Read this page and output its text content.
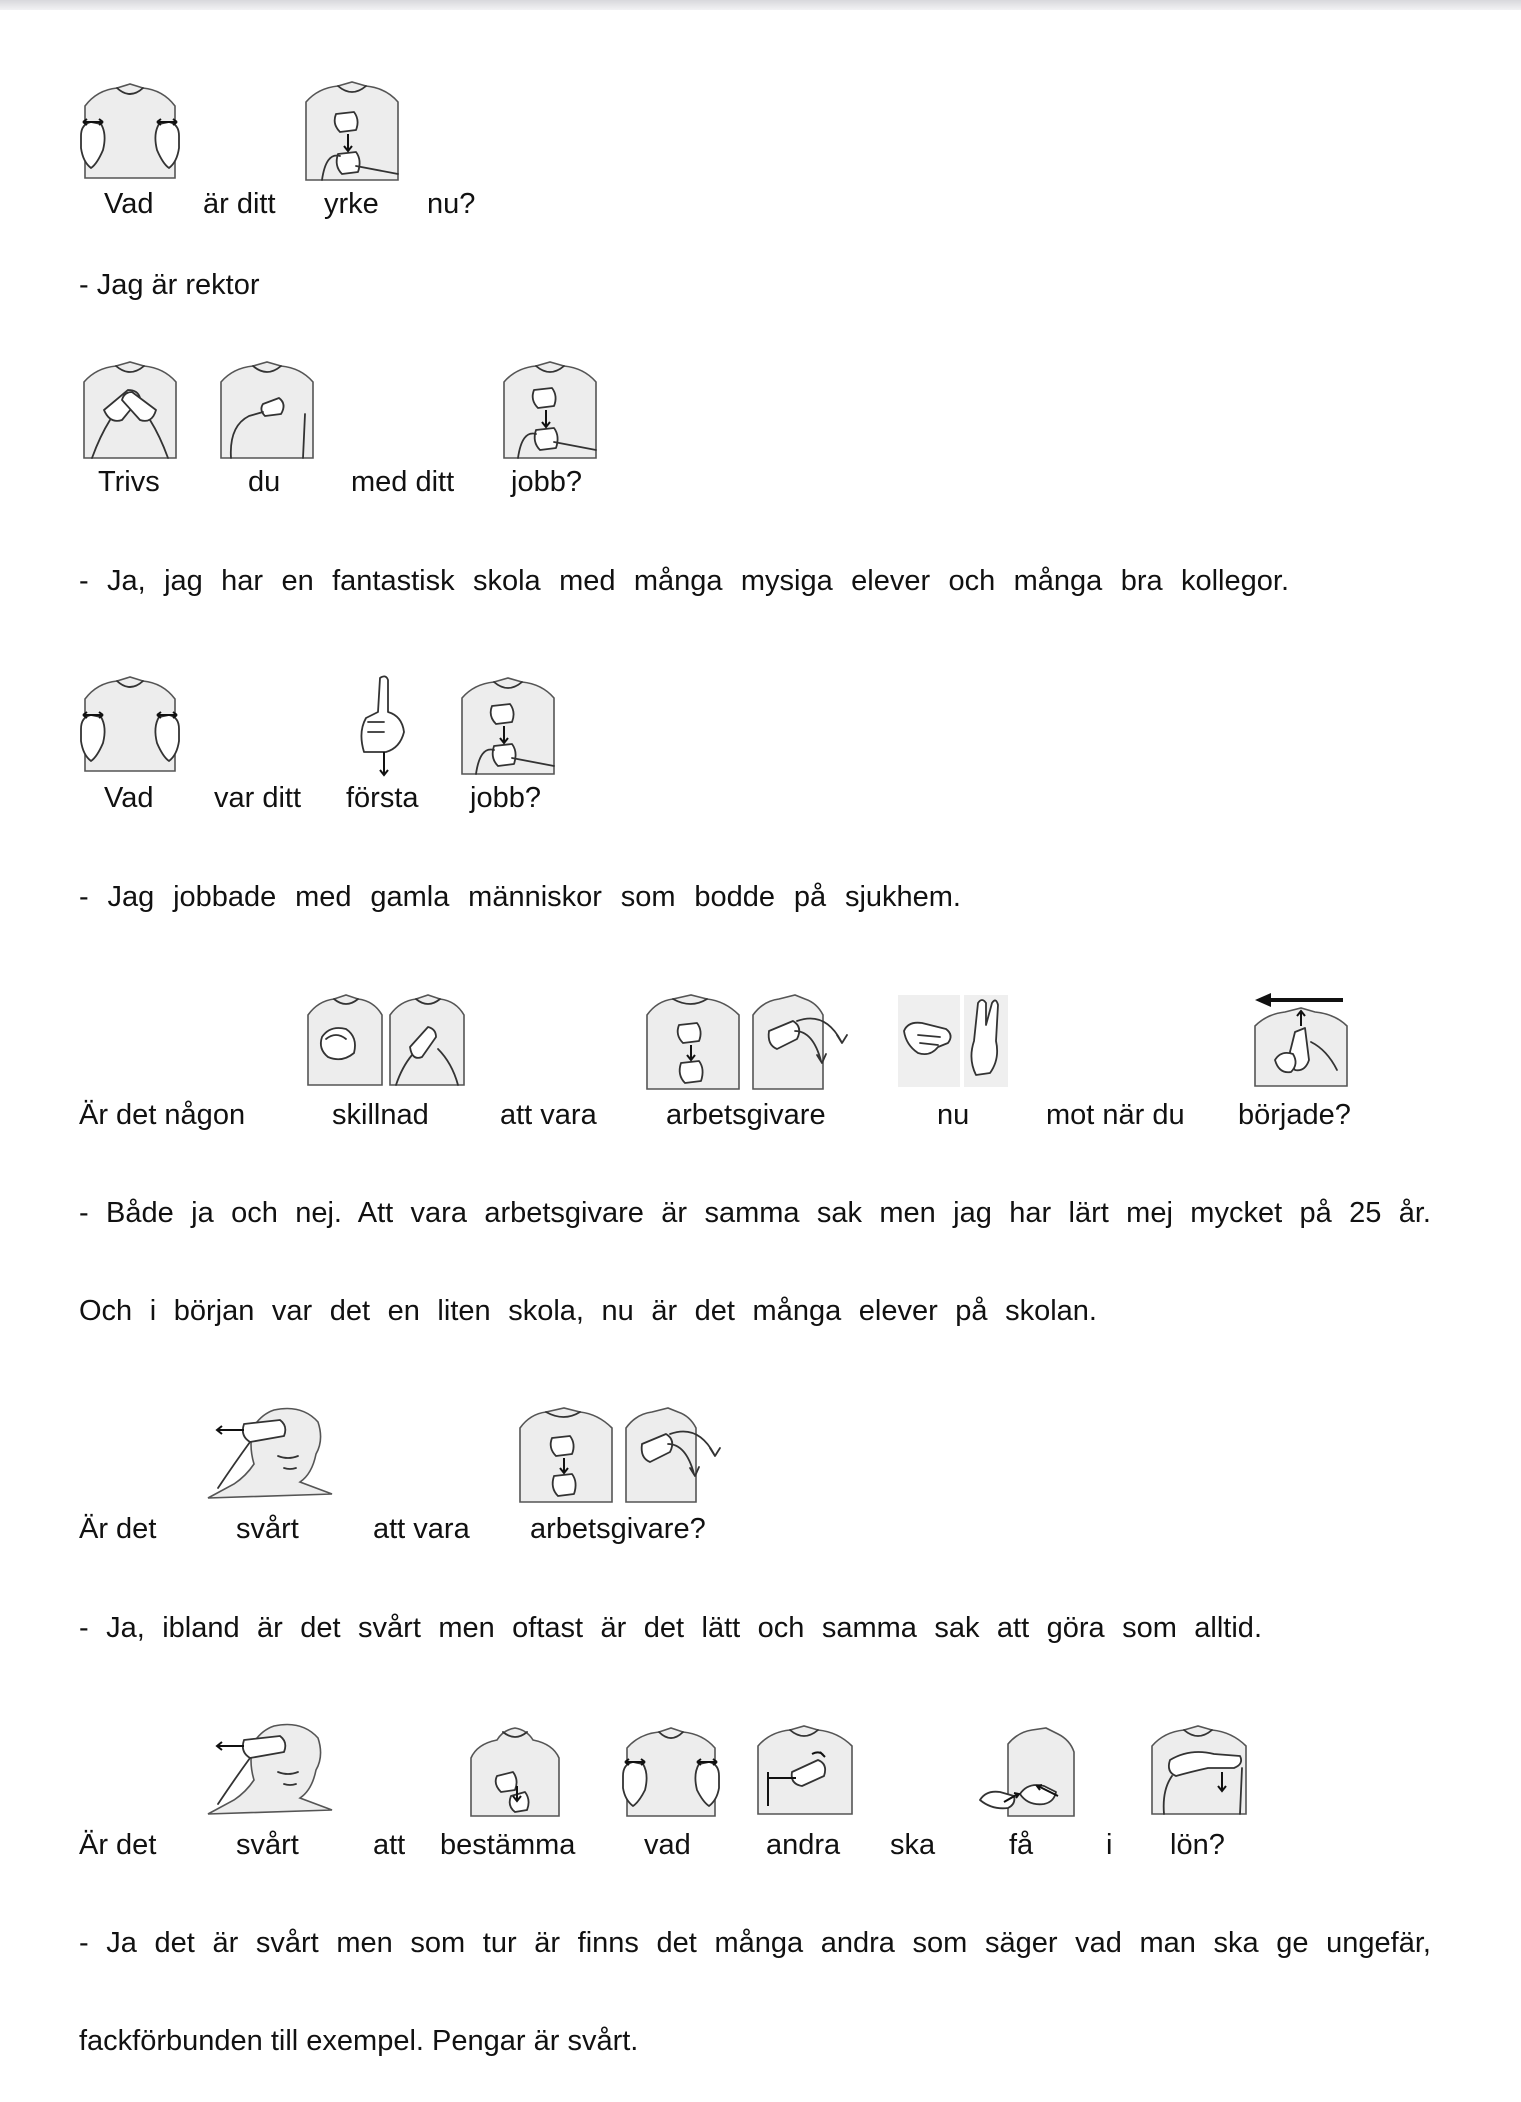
Vad är ditt yrke nu?
- Jag är rektor
Trivs	du med ditt jobb?
- Ja, jag har en fantastisk skola med många mysiga elever och många bra kollegor.
Vad var ditt första jobb?
- Jag jobbade med gamla människor som bodde på sjukhem.
Är det någon	skillnad att vara arbetsgivare	nu	mot när du började?
- Både ja och nej. Att vara arbetsgivare är samma sak men jag har lärt mej mycket på 25 år.
Och i början var det en liten skola, nu är det många elever på skolan.
Är det	svårt	att vara arbetsgivare?
- Ja, ibland är det svårt men oftast är det lätt och samma sak att göra som alltid.
Är det	svårt	att bestämma vad	andra ska	få	i lön?
- Ja det är svårt men som tur är finns det många andra som säger vad man ska ge ungefär,
fackförbunden till exempel. Pengar är svårt.
